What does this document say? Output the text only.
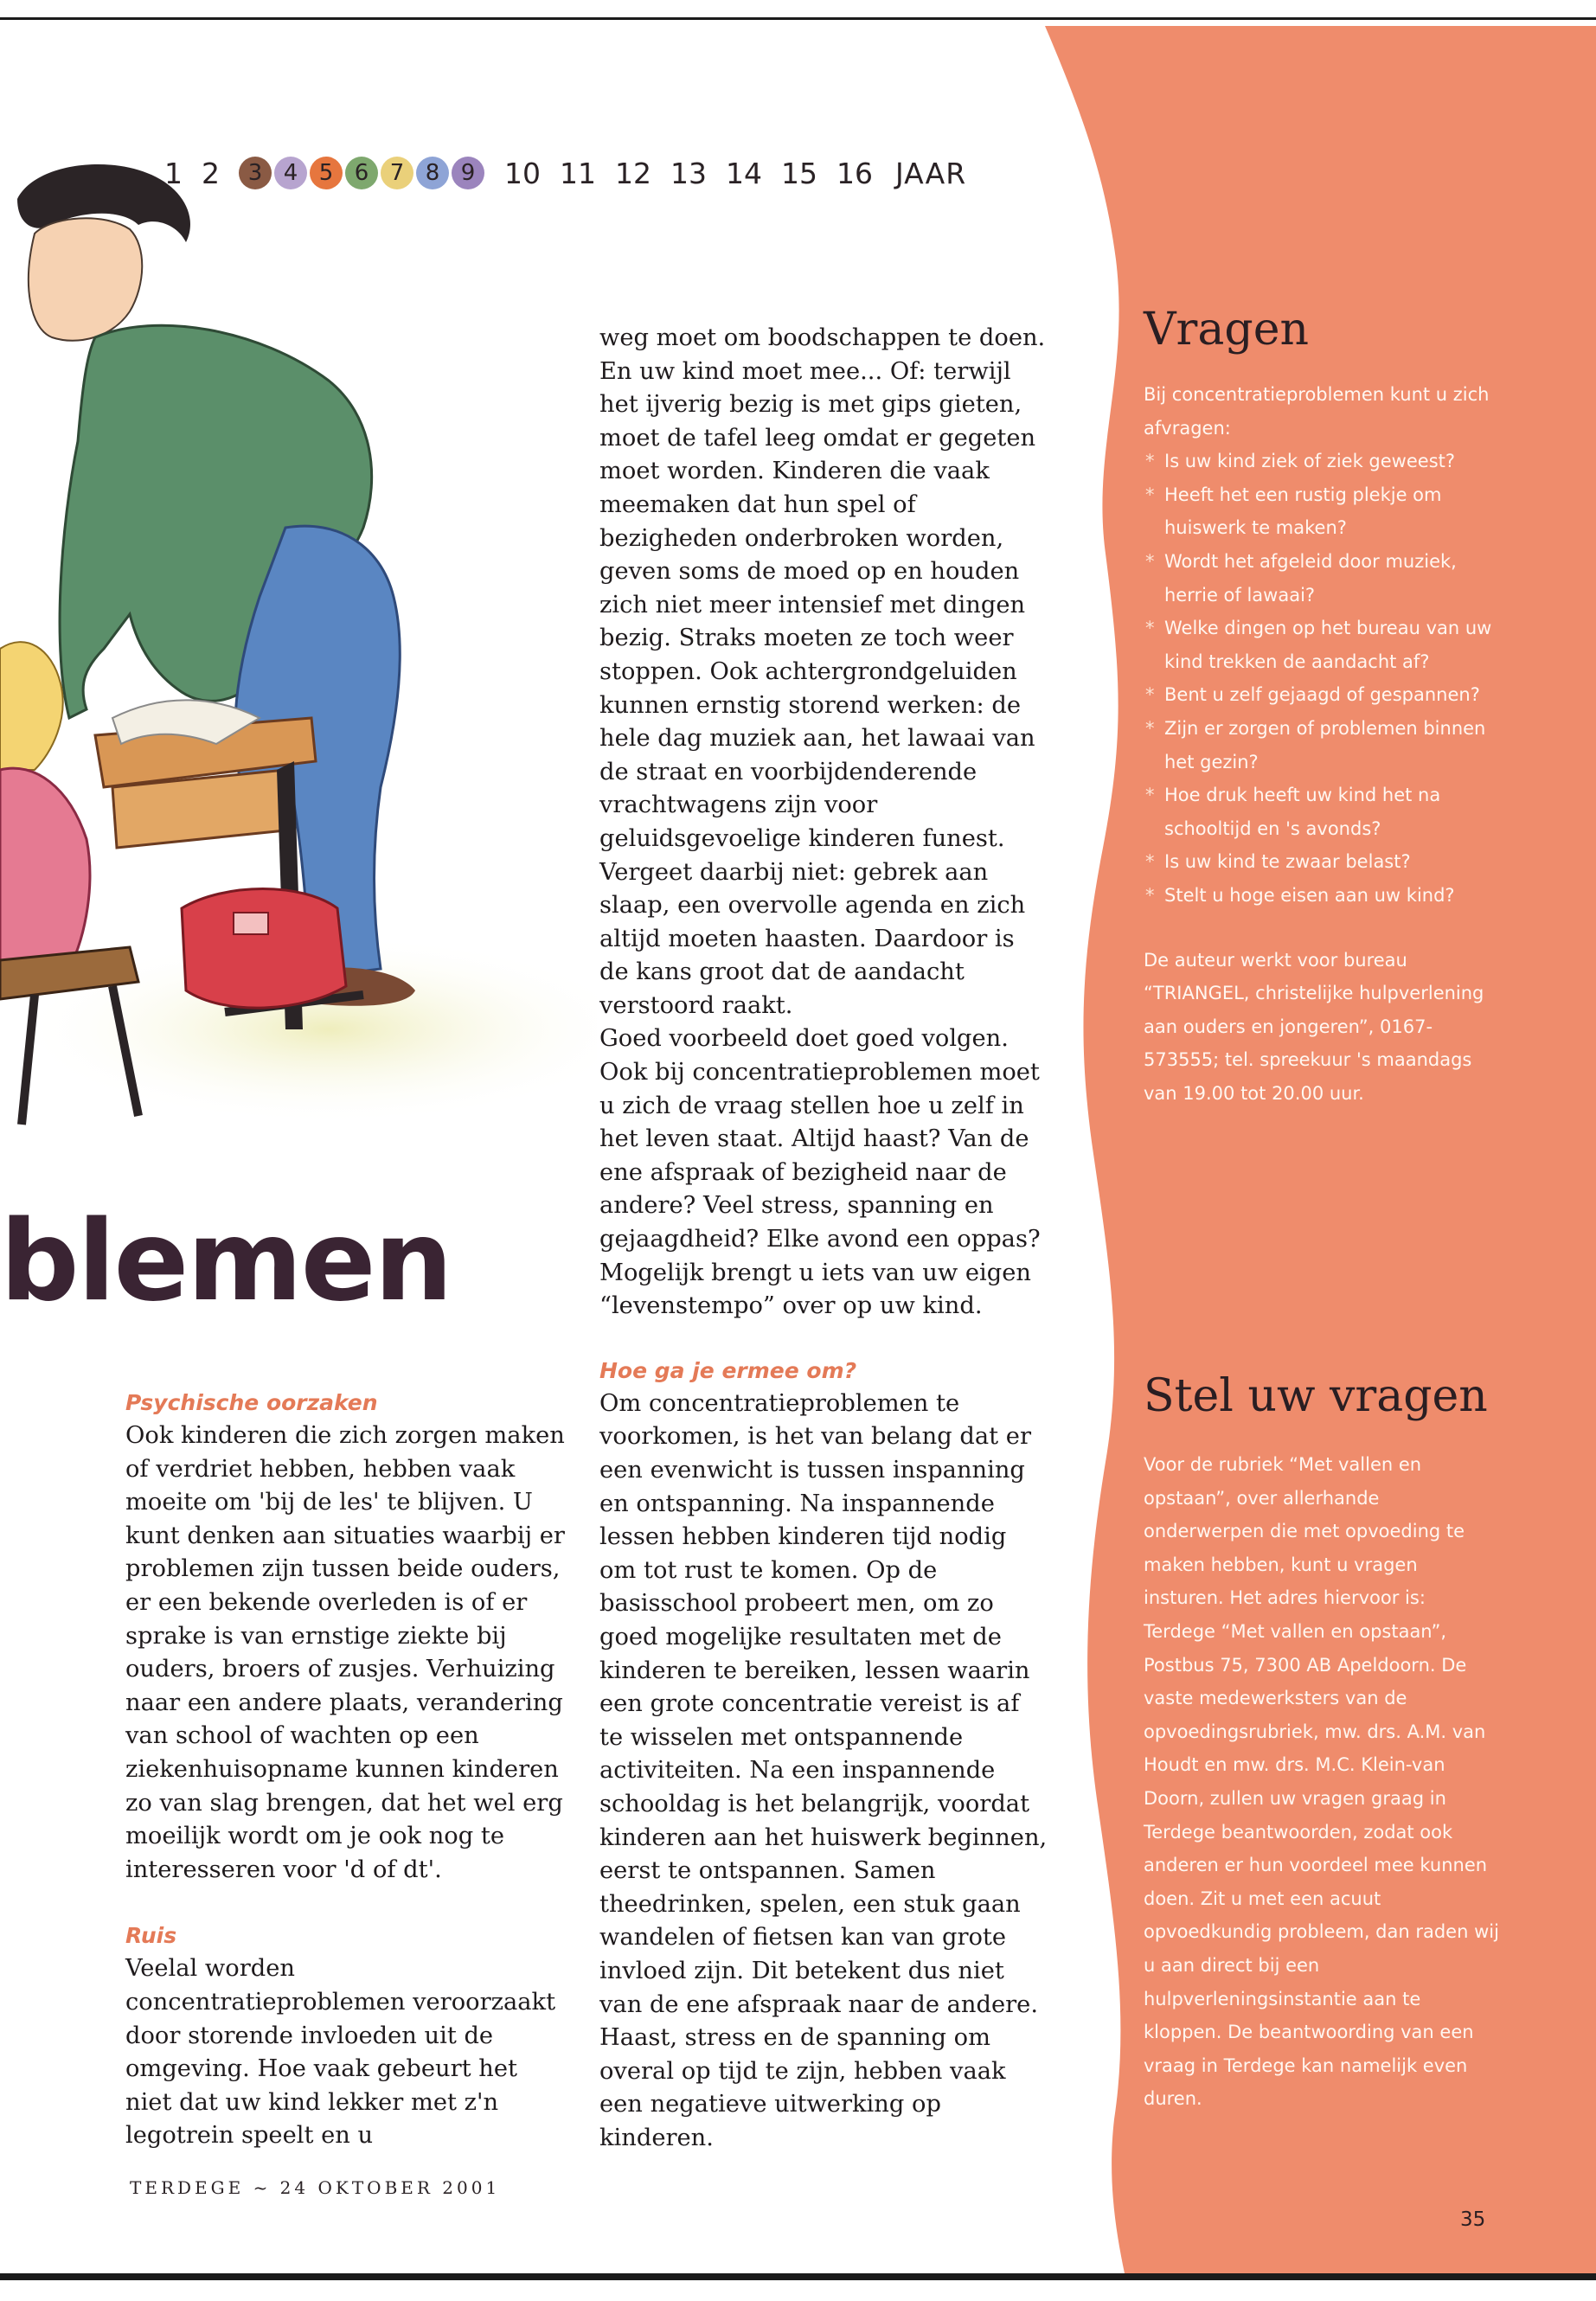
1 2	3 4 5 6 7 8 9	10 11 12 13 14 15 16 JAAR
blemen
Psychische oorzaken

Ook kinderen die zich zorgen maken of verdriet hebben, hebben vaak moeite om 'bij de les' te blijven. U kunt denken aan situaties waarbij er problemen zijn tussen beide ouders, er een bekende overleden is of er sprake is van ernstige ziekte bij ouders, broers of zusjes. Verhuizing naar een andere plaats, verandering van school of wachten op een ziekenhuisopname kunnen kinderen zo van slag brengen, dat het wel erg moeilijk wordt om je ook nog te interesseren voor 'd of dt'.

Ruis

Veelal worden concentratieproblemen veroorzaakt door storende invloeden uit de omgeving. Hoe vaak gebeurt het niet dat uw kind lekker met z'n legotrein speelt en u

weg moet om boodschappen te doen. En uw kind moet mee... Of: terwijl het ijverig bezig is met gips gieten, moet de tafel leeg omdat er gegeten moet worden. Kinderen die vaak meemaken dat hun spel of bezigheden onderbroken worden, geven soms de moed op en houden zich niet meer intensief met dingen bezig. Straks moeten ze toch weer stoppen. Ook achtergrondgeluiden kunnen ernstig storend werken: de hele dag muziek aan, het lawaai van de straat en voorbijdenderende vrachtwagens zijn voor geluidsgevoelige kinderen funest. Vergeet daarbij niet: gebrek aan slaap, een overvolle agenda en zich altijd moeten haasten. Daardoor is de kans groot dat de aandacht verstoord raakt.

Goed voorbeeld doet goed volgen. Ook bij concentratieproblemen moet u zich de vraag stellen hoe u zelf in het leven staat. Altijd haast? Van de ene afspraak of bezigheid naar de andere? Veel stress, spanning en gejaagdheid? Elke avond een oppas? Mogelijk brengt u iets van uw eigen “levenstempo” over op uw kind.

Hoe ga je ermee om?

Om concentratieproblemen te voorkomen, is het van belang dat er een evenwicht is tussen inspanning en ontspanning. Na inspannende lessen hebben kinderen tijd nodig om tot rust te komen. Op de basisschool probeert men, om zo goed mogelijke resultaten met de kinderen te bereiken, lessen waarin een grote concentratie vereist is af te wisselen met ontspannende activiteiten. Na een inspannende schooldag is het belangrijk, voordat kinderen aan het huiswerk beginnen, eerst te ontspannen. Samen theedrinken, spelen, een stuk gaan wandelen of fietsen kan van grote invloed zijn. Dit betekent dus niet van de ene afspraak naar de andere. Haast, stress en de spanning om overal op tijd te zijn, hebben vaak een negatieve uitwerking op kinderen.

Vragen
Bij concentratieproblemen kunt u zich afvragen:
* Is uw kind ziek of ziek geweest?
* Heeft het een rustig plekje om huiswerk te maken?
* Wordt het afgeleid door muziek, herrie of lawaai?
* Welke dingen op het bureau van uw kind trekken de aandacht af?
* Bent u zelf gejaagd of gespannen?
* Zijn er zorgen of problemen binnen het gezin?
* Hoe druk heeft uw kind het na schooltijd en 's avonds?
* Is uw kind te zwaar belast?
* Stelt u hoge eisen aan uw kind?
De auteur werkt voor bureau “TRIANGEL, christelijke hulpverlening aan ouders en jongeren”, 0167-573555; tel. spreekuur 's maandags van 19.00 tot 20.00 uur.
Stel uw vragen
Voor de rubriek “Met vallen en opstaan”, over allerhande onderwerpen die met opvoeding te maken hebben, kunt u vragen insturen. Het adres hiervoor is: Terdege “Met vallen en opstaan”, Postbus 75, 7300 AB Apeldoorn. De vaste medewerksters van de opvoedingsrubriek, mw. drs. A.M. van Houdt en mw. drs. M.C. Klein-van Doorn, zullen uw vragen graag in Terdege beantwoorden, zodat ook anderen er hun voordeel mee kunnen doen. Zit u met een acuut opvoedkundig probleem, dan raden wij u aan direct bij een hulpverleningsinstantie aan te kloppen. De beantwoording van een vraag in Terdege kan namelijk even duren.
TERDEGE ~ 24 OKTOBER 2001
35
